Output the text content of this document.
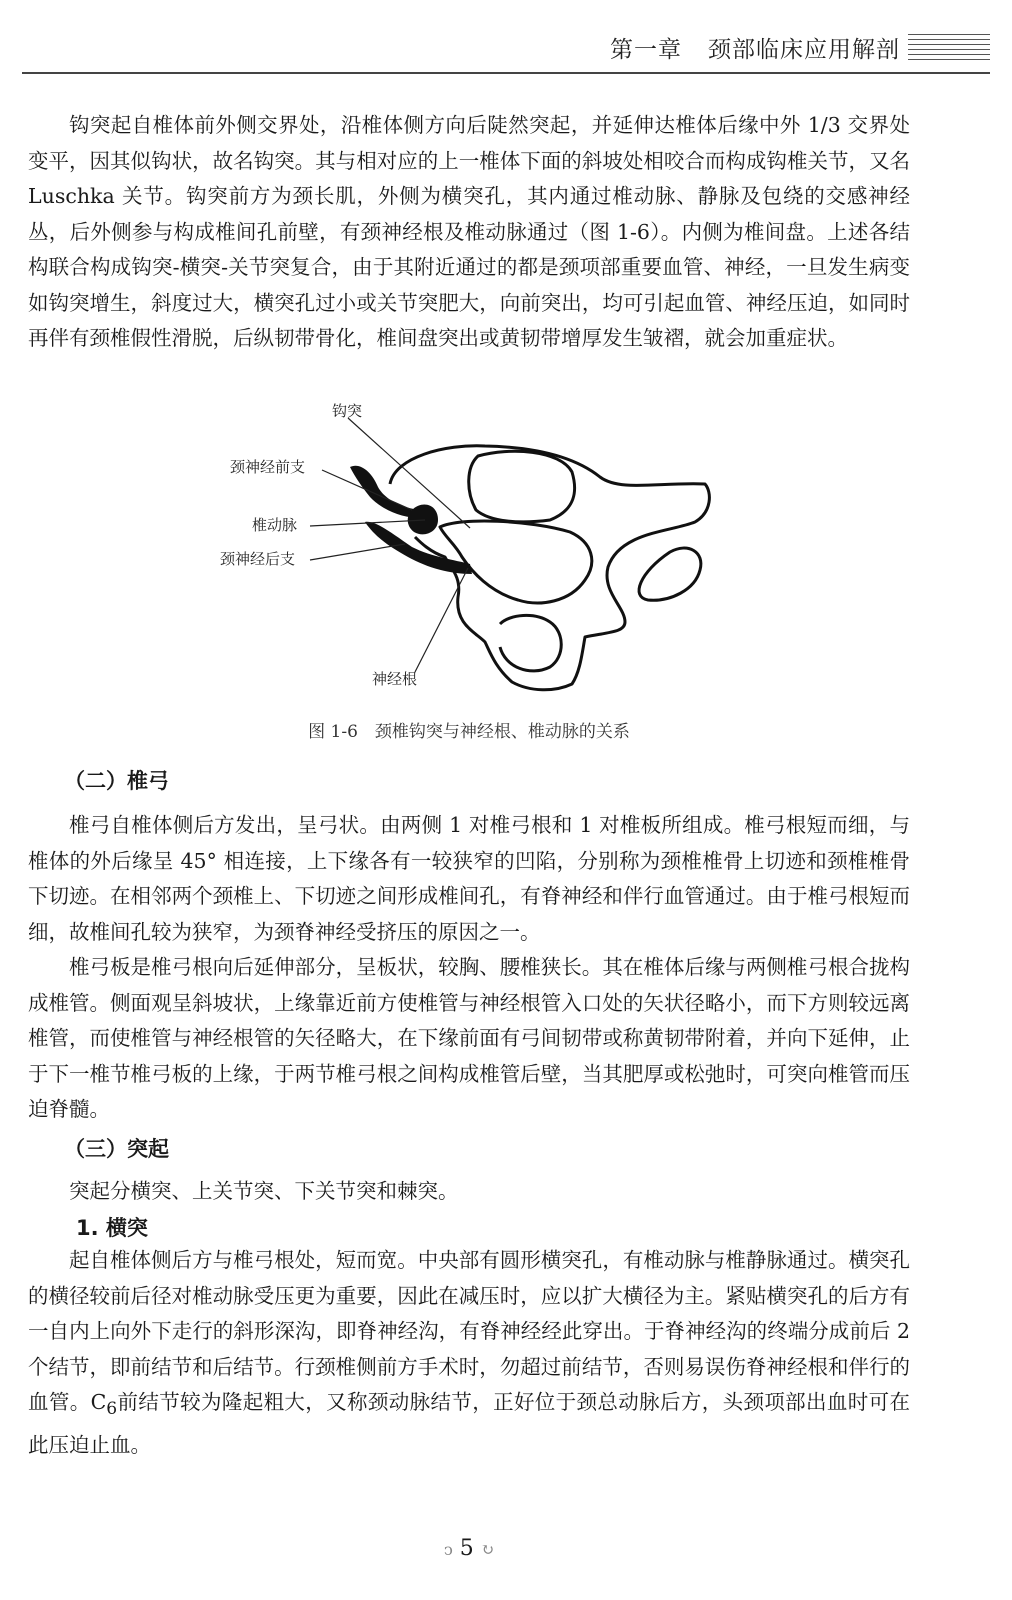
第一章 颈部临床应用解剖

钩突起自椎体前外侧交界处，沿椎体侧方向后陡然突起，并延伸达椎体后缘中外 1/3 交界处变平，因其似钩状，故名钩突。其与相对应的上一椎体下面的斜坡处相咬合而构成钩椎关节，又名 Luschka 关节。钩突前方为颈长肌，外侧为横突孔，其内通过椎动脉、静脉及包绕的交感神经丛，后外侧参与构成椎间孔前壁，有颈神经根及椎动脉通过（图 1-6）。内侧为椎间盘。上述各结构联合构成钩突-横突-关节突复合，由于其附近通过的都是颈项部重要血管、神经，一旦发生病变如钩突增生，斜度过大，横突孔过小或关节突肥大，向前突出，均可引起血管、神经压迫，如同时再伴有颈椎假性滑脱，后纵韧带骨化，椎间盘突出或黄韧带增厚发生皱褶，就会加重症状。

钩突
颈神经前支
椎动脉
颈神经后支
神经根
图 1-6　颈椎钩突与神经根、椎动脉的关系
（二）椎弓

椎弓自椎体侧后方发出，呈弓状。由两侧 1 对椎弓根和 1 对椎板所组成。椎弓根短而细，与椎体的外后缘呈 45° 相连接，上下缘各有一较狭窄的凹陷，分别称为颈椎椎骨上切迹和颈椎椎骨下切迹。在相邻两个颈椎上、下切迹之间形成椎间孔，有脊神经和伴行血管通过。由于椎弓根短而细，故椎间孔较为狭窄，为颈脊神经受挤压的原因之一。

椎弓板是椎弓根向后延伸部分，呈板状，较胸、腰椎狭长。其在椎体后缘与两侧椎弓根合拢构成椎管。侧面观呈斜坡状，上缘靠近前方使椎管与神经根管入口处的矢状径略小，而下方则较远离椎管，而使椎管与神经根管的矢径略大，在下缘前面有弓间韧带或称黄韧带附着，并向下延伸，止于下一椎节椎弓板的上缘，于两节椎弓根之间构成椎管后壁，当其肥厚或松弛时，可突向椎管而压迫脊髓。

（三）突起

突起分横突、上关节突、下关节突和棘突。

1. 横突

起自椎体侧后方与椎弓根处，短而宽。中央部有圆形横突孔，有椎动脉与椎静脉通过。横突孔的横径较前后径对椎动脉受压更为重要，因此在减压时，应以扩大横径为主。紧贴横突孔的后方有一自内上向外下走行的斜形深沟，即脊神经沟，有脊神经经此穿出。于脊神经沟的终端分成前后 2 个结节，即前结节和后结节。行颈椎侧前方手术时，勿超过前结节，否则易误伤脊神经根和伴行的血管。$C_6$前结节较为隆起粗大，又称颈动脉结节，正好位于颈总动脉后方，头颈项部出血时可在此压迫止血。

ↄ 5 ↻
